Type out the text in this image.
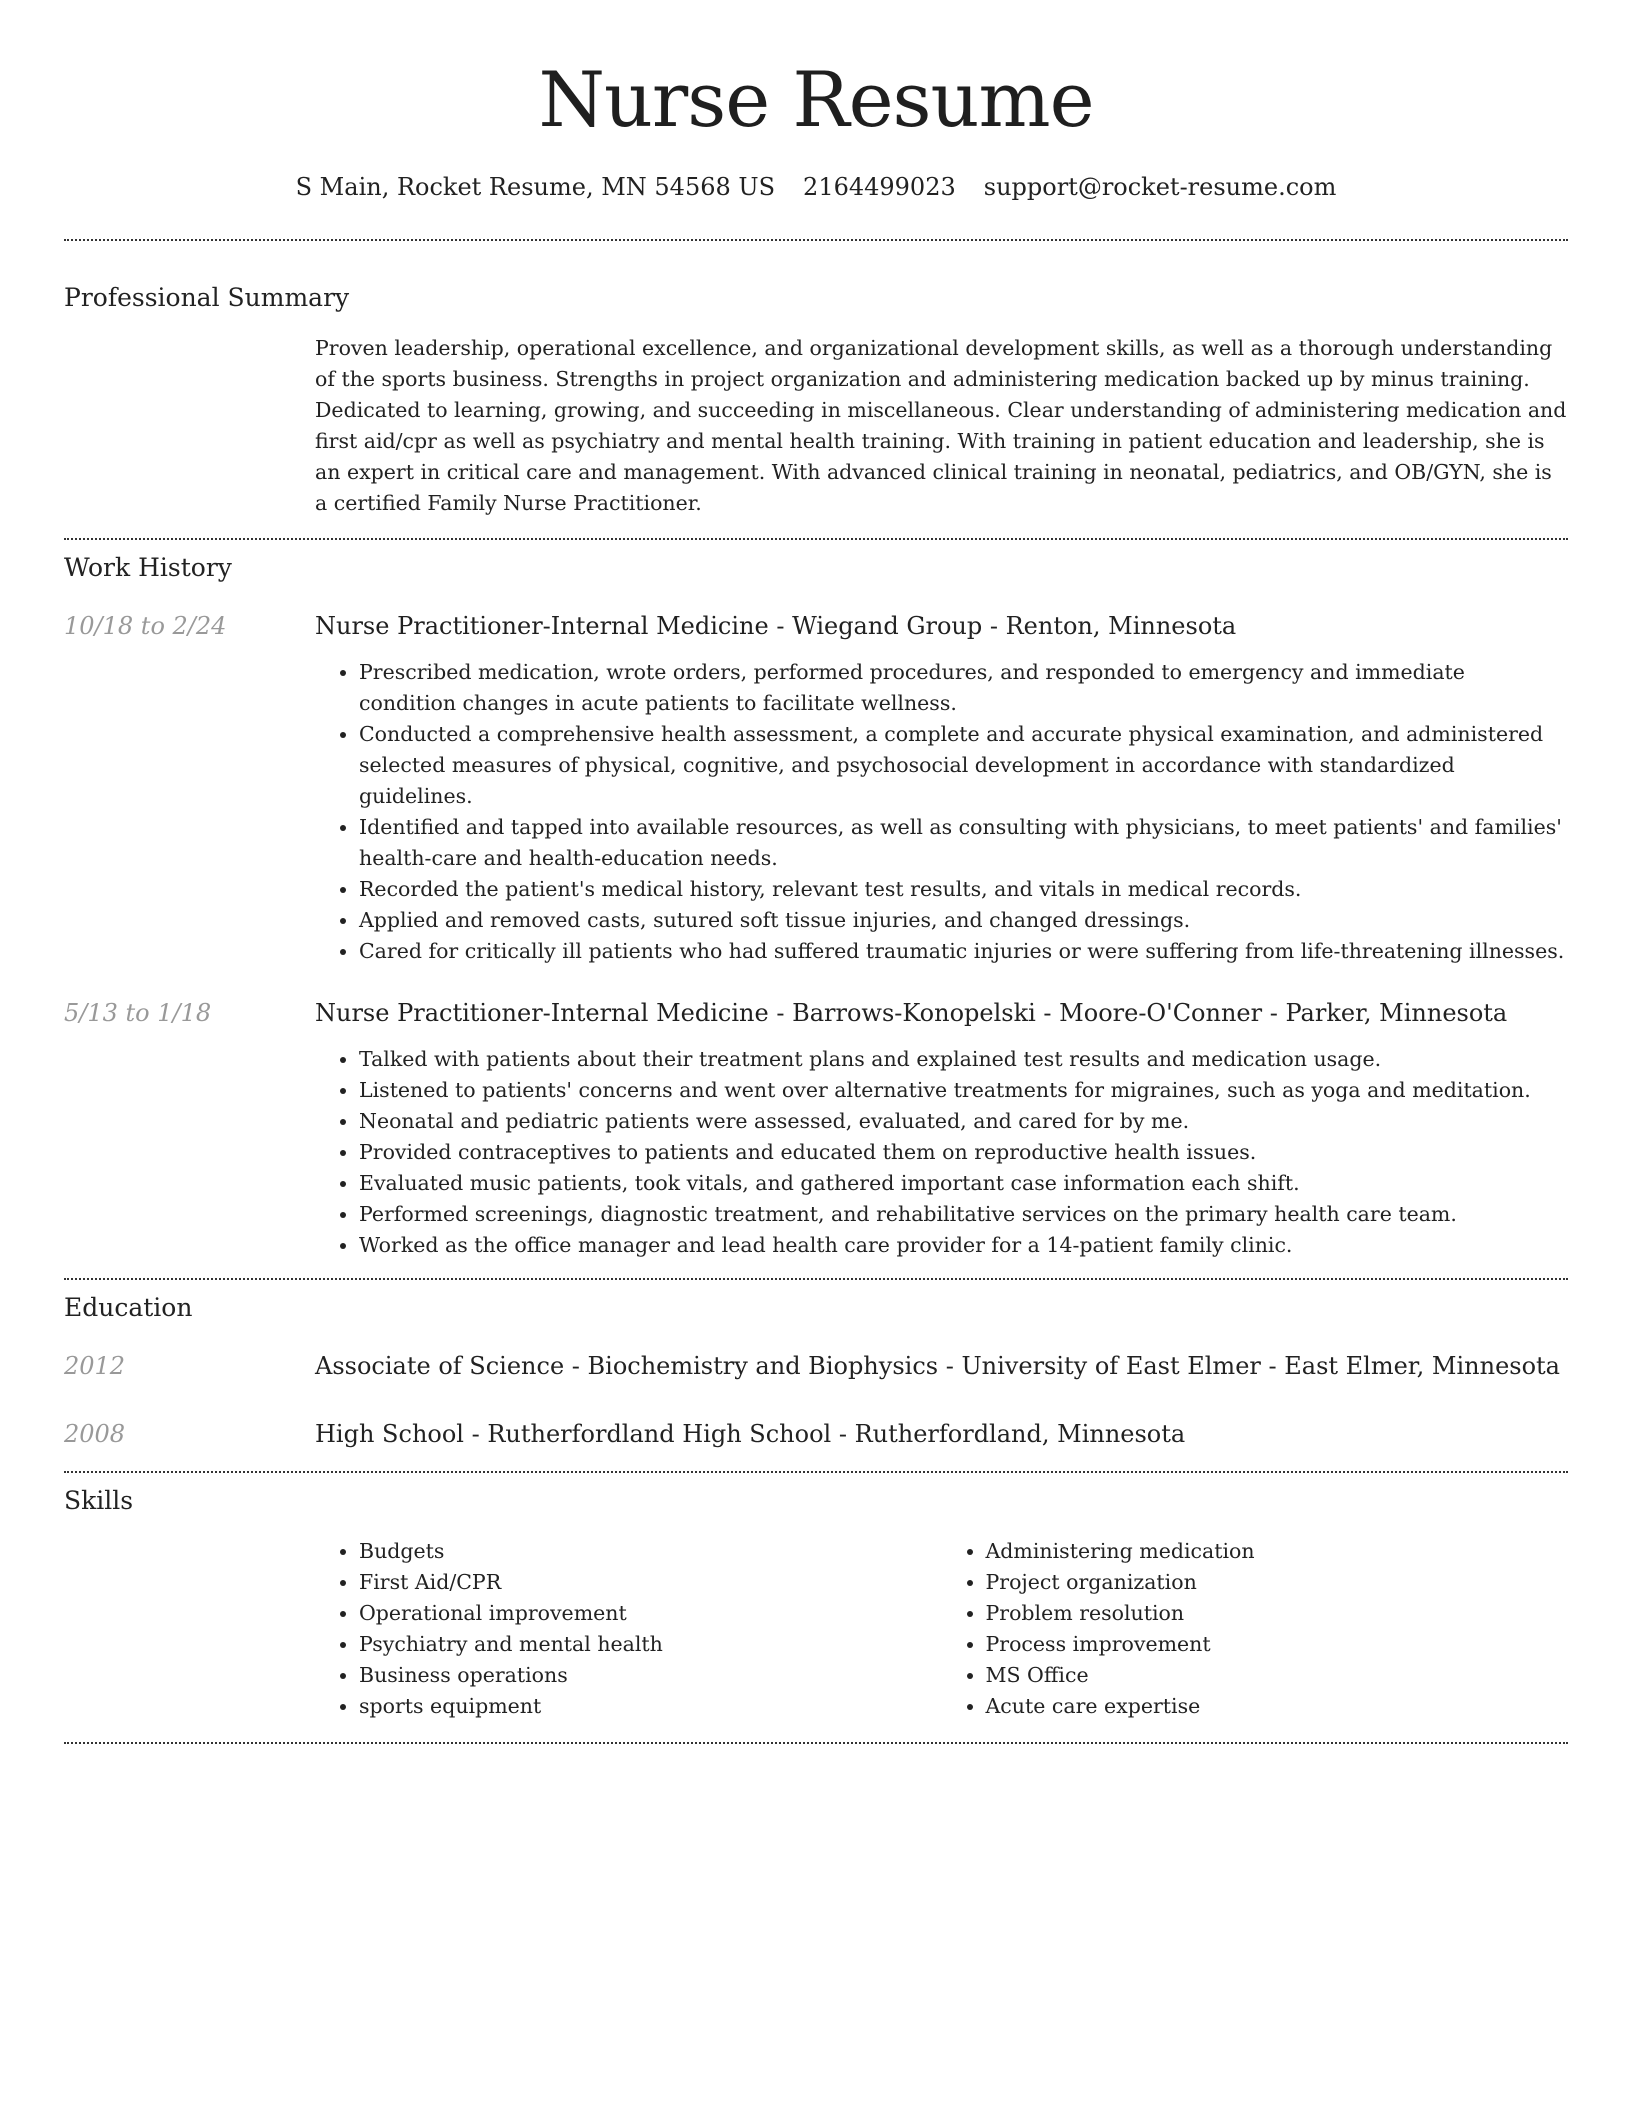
Nurse Resume
S Main, Rocket Resume, MN 54568 US 2164499023 support@rocket-resume.com
Professional Summary

Proven leadership, operational excellence, and organizational development skills, as well as a thorough understanding of the sports business. Strengths in project organization and administering medication backed up by minus training. Dedicated to learning, growing, and succeeding in miscellaneous. Clear understanding of administering medication and first aid/cpr as well as psychiatry and mental health training. With training in patient education and leadership, she is an expert in critical care and management. With advanced clinical training in neonatal, pediatrics, and OB/GYN, she is a certified Family Nurse Practitioner.

Work History
10/18 to 2/24	Nurse Practitioner-Internal Medicine - Wiegand Group - Renton, Minnesota

• Prescribed medication, wrote orders, performed procedures, and responded to emergency and immediate condition changes in acute patients to facilitate wellness.
• Conducted a comprehensive health assessment, a complete and accurate physical examination, and administered selected measures of physical, cognitive, and psychosocial development in accordance with standardized guidelines.
• Identified and tapped into available resources, as well as consulting with physicians, to meet patients' and families' health-care and health-education needs.
• Recorded the patient's medical history, relevant test results, and vitals in medical records.
• Applied and removed casts, sutured soft tissue injuries, and changed dressings.
• Cared for critically ill patients who had suffered traumatic injuries or were suffering from life-threatening illnesses.
5/13 to 1/18	Nurse Practitioner-Internal Medicine - Barrows-Konopelski - Moore-O'Conner - Parker, Minnesota

• Talked with patients about their treatment plans and explained test results and medication usage.
• Listened to patients' concerns and went over alternative treatments for migraines, such as yoga and meditation.
• Neonatal and pediatric patients were assessed, evaluated, and cared for by me.
• Provided contraceptives to patients and educated them on reproductive health issues.
• Evaluated music patients, took vitals, and gathered important case information each shift.
• Performed screenings, diagnostic treatment, and rehabilitative services on the primary health care team.
• Worked as the office manager and lead health care provider for a 14-patient family clinic.
Education
2012	Associate of Science - Biochemistry and Biophysics - University of East Elmer - East Elmer, Minnesota
2008	High School - Rutherfordland High School - Rutherfordland, Minnesota
Skills
• Budgets
• First Aid/CPR
• Operational improvement
• Psychiatry and mental health
• Business operations
• sports equipment
• Administering medication
• Project organization
• Problem resolution
• Process improvement
• MS Office
• Acute care expertise
